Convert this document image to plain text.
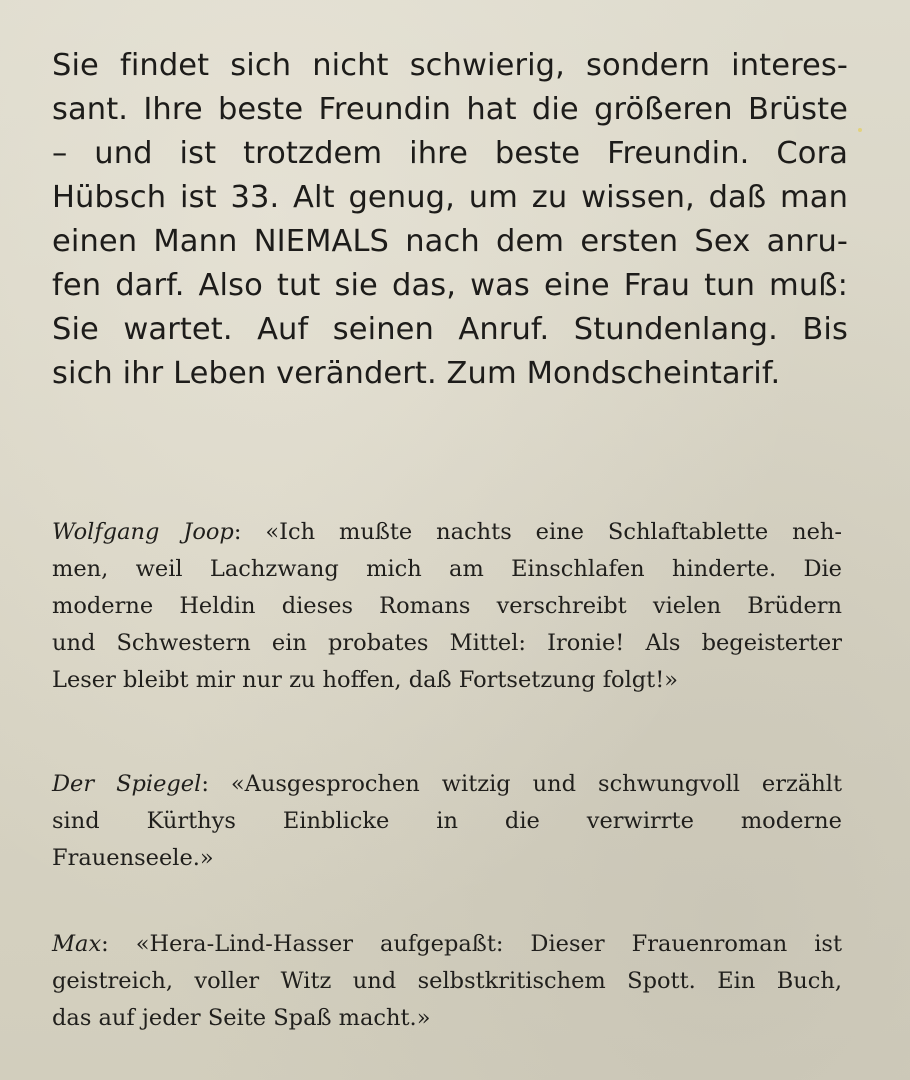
Sie findet sich nicht schwierig, sondern interes-
sant. Ihre beste Freundin hat die größeren Brüste
– und ist trotzdem ihre beste Freundin. Cora
Hübsch ist 33. Alt genug, um zu wissen, daß man
einen Mann NIEMALS nach dem ersten Sex anru-
fen darf. Also tut sie das, was eine Frau tun muß:
Sie wartet. Auf seinen Anruf. Stundenlang. Bis
sich ihr Leben verändert. Zum Mondscheintarif.
Wolfgang Joop: «Ich mußte nachts eine Schlaftablette neh-
men, weil Lachzwang mich am Einschlafen hinderte. Die
moderne Heldin dieses Romans verschreibt vielen Brüdern
und Schwestern ein probates Mittel: Ironie! Als begeisterter
Leser bleibt mir nur zu hoffen, daß Fortsetzung folgt!»
Der Spiegel: «Ausgesprochen witzig und schwungvoll erzählt
sind Kürthys Einblicke in die verwirrte moderne
Frauenseele.»
Max: «Hera-Lind-Hasser aufgepaßt: Dieser Frauenroman ist
geistreich, voller Witz und selbstkritischem Spott. Ein Buch,
das auf jeder Seite Spaß macht.»
